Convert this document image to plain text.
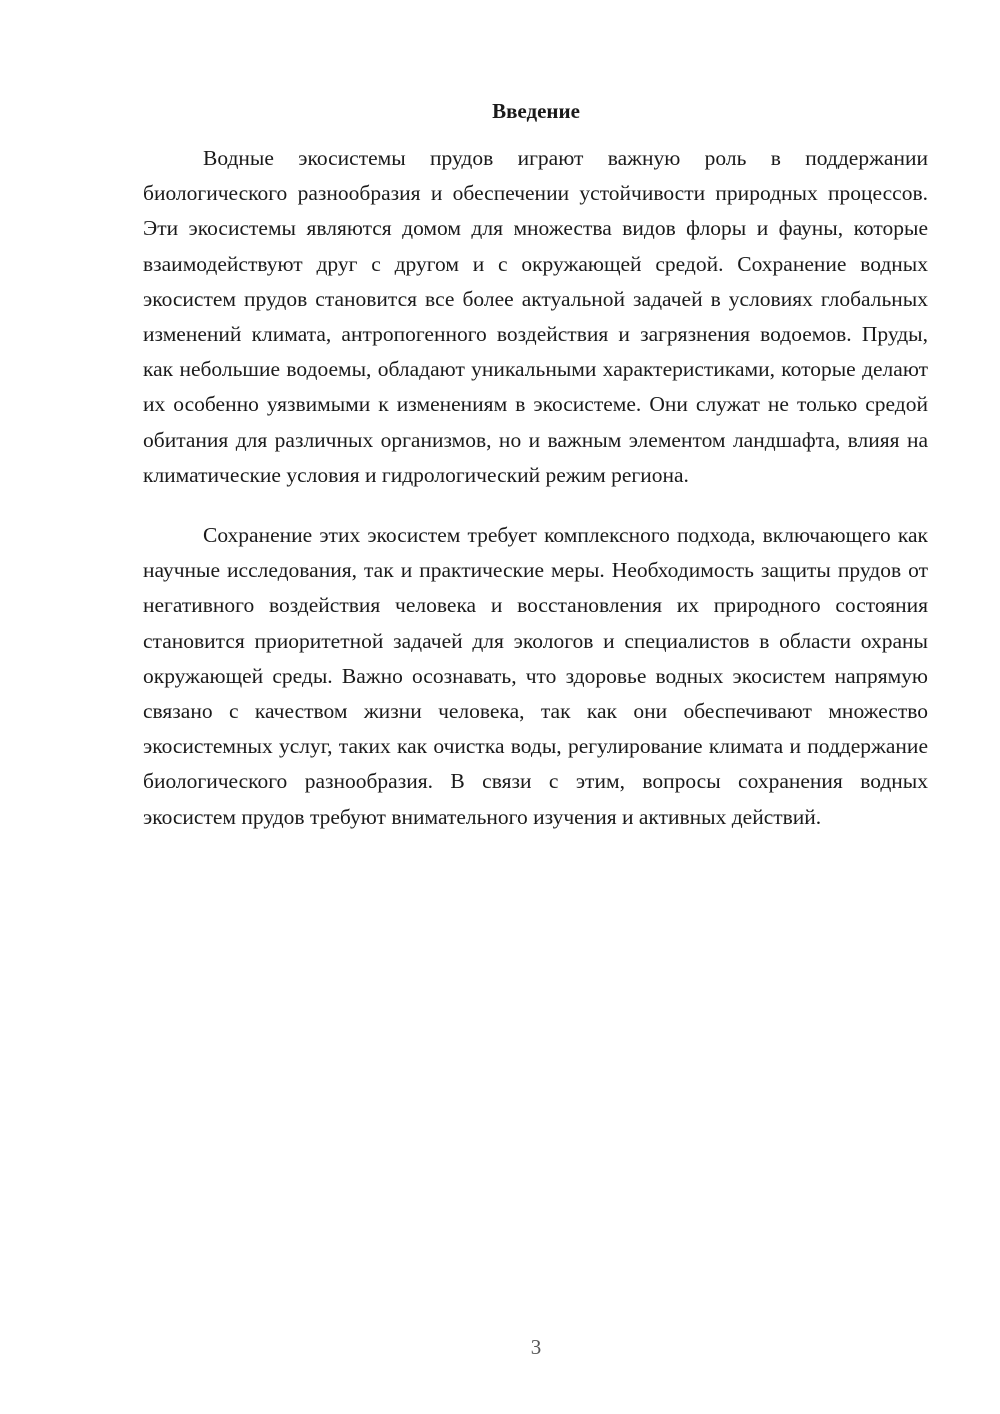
Введение

Водные экосистемы прудов играют важную роль в поддержании биологического разнообразия и обеспечении устойчивости природных процессов. Эти экосистемы являются домом для множества видов флоры и фауны, которые взаимодействуют друг с другом и с окружающей средой. Сохранение водных экосистем прудов становится все более актуальной задачей в условиях глобальных изменений климата, антропогенного воздействия и загрязнения водоемов. Пруды, как небольшие водоемы, обладают уникальными характеристиками, которые делают их особенно уязвимыми к изменениям в экосистеме. Они служат не только средой обитания для различных организмов, но и важным элементом ландшафта, влияя на климатические условия и гидрологический режим региона.

Сохранение этих экосистем требует комплексного подхода, включающего как научные исследования, так и практические меры. Необходимость защиты прудов от негативного воздействия человека и восстановления их природного состояния становится приоритетной задачей для экологов и специалистов в области охраны окружающей среды. Важно осознавать, что здоровье водных экосистем напрямую связано с качеством жизни человека, так как они обеспечивают множество экосистемных услуг, таких как очистка воды, регулирование климата и поддержание биологического разнообразия. В связи с этим, вопросы сохранения водных экосистем прудов требуют внимательного изучения и активных действий.

3
